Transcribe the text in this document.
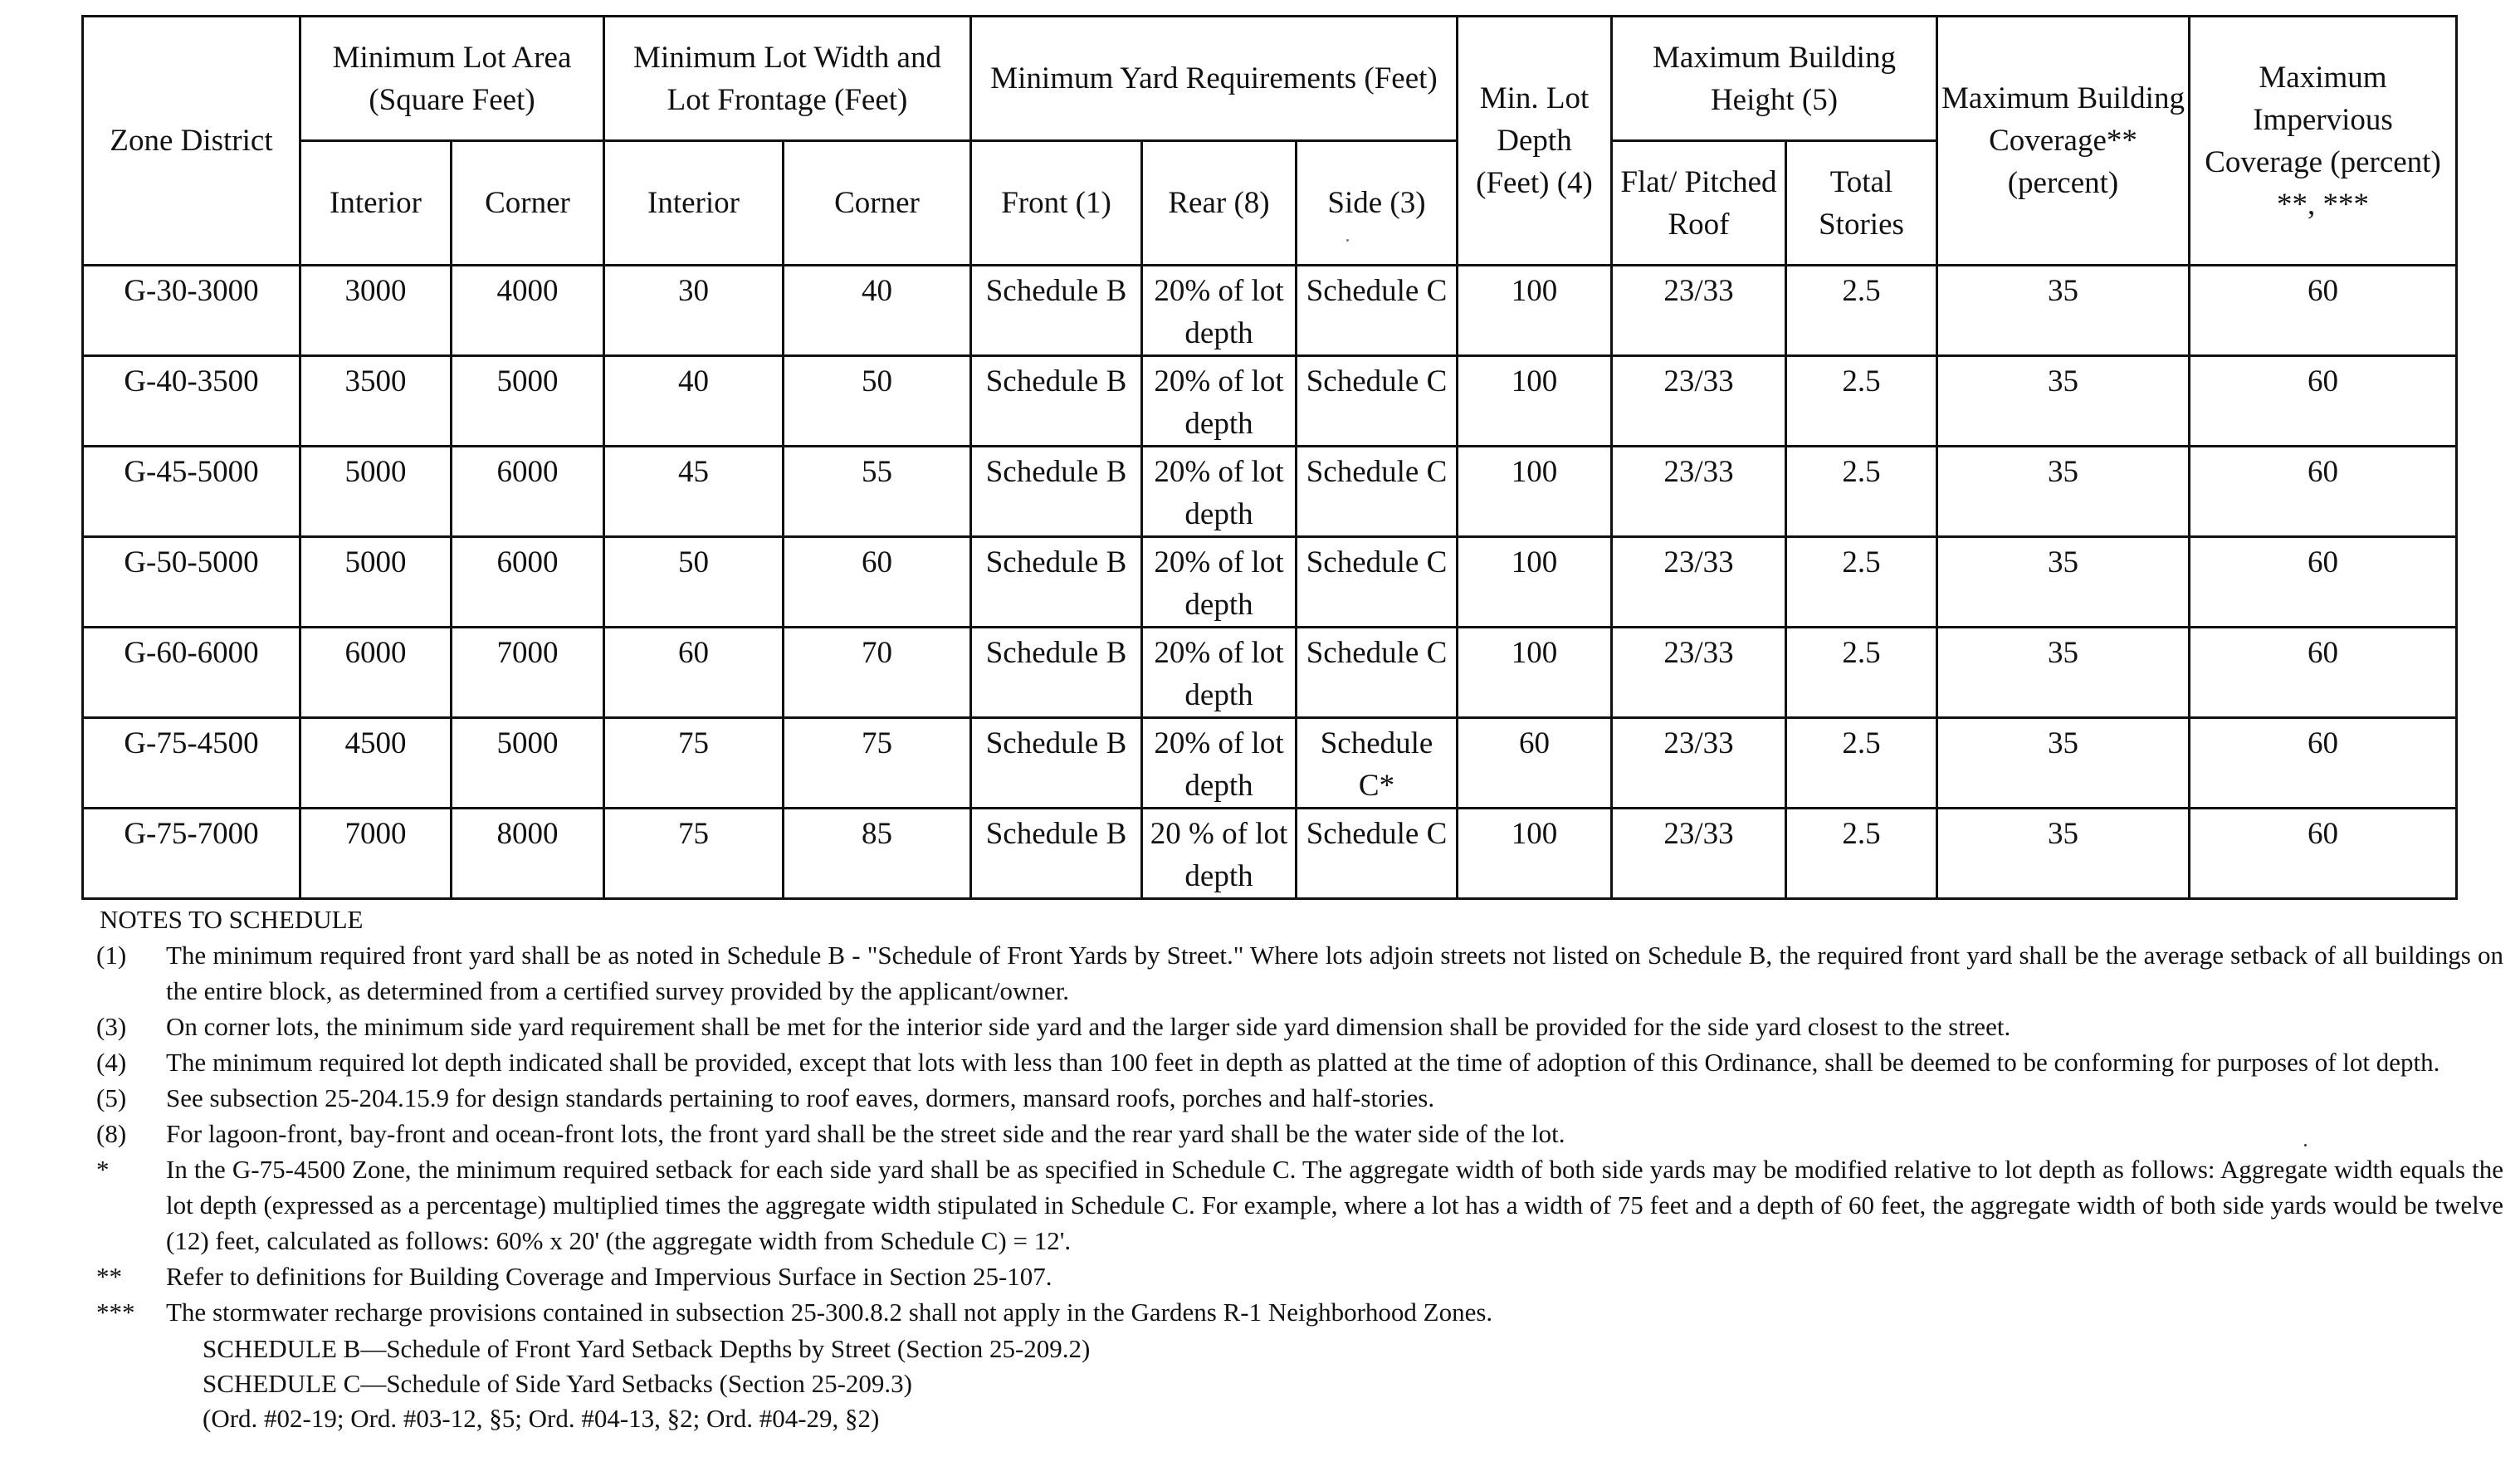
Zone District	Minimum Lot Area (Square Feet)		Minimum Lot Width and Lot Frontage (Feet)		Minimum Yard Requirements (Feet)			Min. Lot Depth (Feet) (4)	Maximum Building Height (5)		Maximum Building Coverage** (percent)	Maximum Impervious Coverage (percent) **, ***
	Interior	Corner	Interior	Corner	Front (1)	Rear (8)	Side (3)		Flat/ Pitched Roof	Total Stories		
G-30-3000	3000	4000	30	40	Schedule B	20% of lot depth	Schedule C	100	23/33	2.5	35	60
G-40-3500	3500	5000	40	50	Schedule B	20% of lot depth	Schedule C	100	23/33	2.5	35	60
G-45-5000	5000	6000	45	55	Schedule B	20% of lot depth	Schedule C	100	23/33	2.5	35	60
G-50-5000	5000	6000	50	60	Schedule B	20% of lot depth	Schedule C	100	23/33	2.5	35	60
G-60-6000	6000	7000	60	70	Schedule B	20% of lot depth	Schedule C	100	23/33	2.5	35	60
G-75-4500	4500	5000	75	75	Schedule B	20% of lot depth	Schedule C*	60	23/33	2.5	35	60
G-75-7000	7000	8000	75	85	Schedule B	20 % of lot depth	Schedule C	100	23/33	2.5	35	60
NOTES TO SCHEDULE
(1) The minimum required front yard shall be as noted in Schedule B - "Schedule of Front Yards by Street." Where lots adjoin streets not listed on Schedule B, the required front yard shall be the average setback of all buildings on the entire block, as determined from a certified survey provided by the applicant/owner.
(3) On corner lots, the minimum side yard requirement shall be met for the interior side yard and the larger side yard dimension shall be provided for the side yard closest to the street.
(4) The minimum required lot depth indicated shall be provided, except that lots with less than 100 feet in depth as platted at the time of adoption of this Ordinance, shall be deemed to be conforming for purposes of lot depth.
(5) See subsection 25-204.15.9 for design standards pertaining to roof eaves, dormers, mansard roofs, porches and half-stories.
(8) For lagoon-front, bay-front and ocean-front lots, the front yard shall be the street side and the rear yard shall be the water side of the lot.
* In the G-75-4500 Zone, the minimum required setback for each side yard shall be as specified in Schedule C. The aggregate width of both side yards may be modified relative to lot depth as follows: Aggregate width equals the lot depth (expressed as a percentage) multiplied times the aggregate width stipulated in Schedule C. For example, where a lot has a width of 75 feet and a depth of 60 feet, the aggregate width of both side yards would be twelve (12) feet, calculated as follows: 60% x 20' (the aggregate width from Schedule C) = 12'.
** Refer to definitions for Building Coverage and Impervious Surface in Section 25-107.
*** The stormwater recharge provisions contained in subsection 25-300.8.2 shall not apply in the Gardens R-1 Neighborhood Zones.
SCHEDULE B—Schedule of Front Yard Setback Depths by Street (Section 25-209.2)
SCHEDULE C—Schedule of Side Yard Setbacks (Section 25-209.3)
(Ord. #02-19; Ord. #03-12, §5; Ord. #04-13, §2; Ord. #04-29, §2)
